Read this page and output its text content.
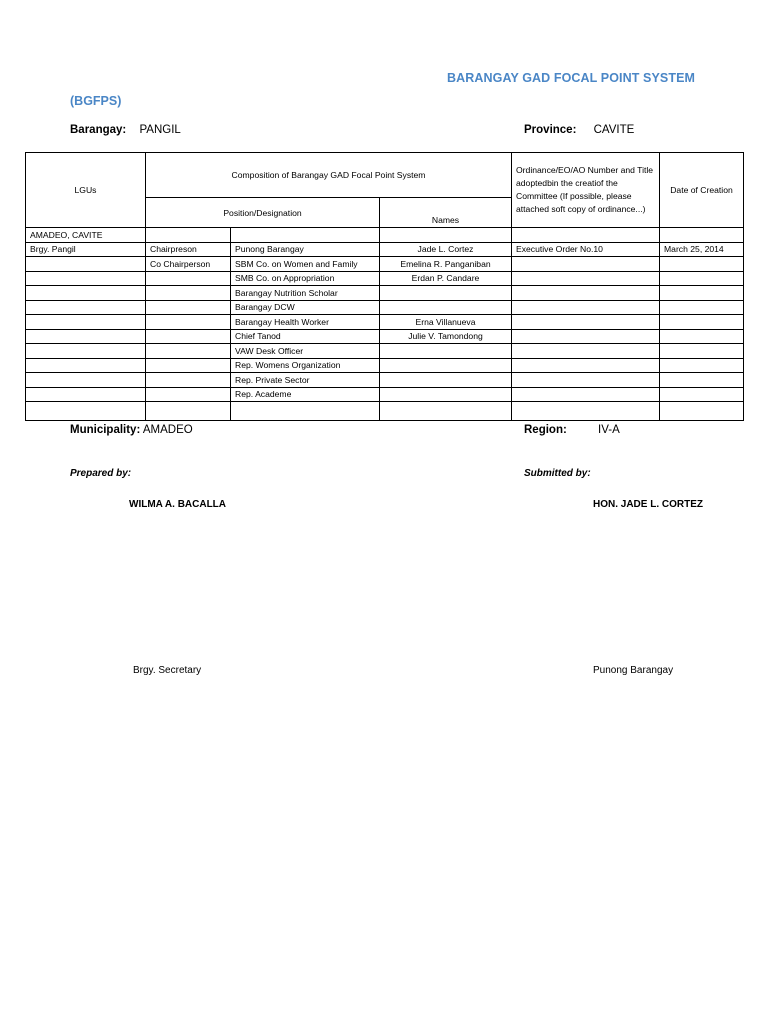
BARANGAY GAD FOCAL POINT SYSTEM
(BGFPS)
Barangay: PANGIL	Province: CAVITE
LGUs	Composition of Barangay GAD Focal Point System			Ordinance/EO/AO Number and Title adoptedbin the creatiof the Committee (If possible, please attached soft copy of ordinance...)	Date of Creation
	Position/Designation		Names		
AMADEO, CAVITE					
Brgy. Pangil	Chairpreson	Punong Barangay	Jade L. Cortez	Executive Order No.10	March 25, 2014
	Co Chairperson	SBM Co. on Women and Family	Emelina R. Panganiban		
		SMB Co. on Appropriation	Erdan P. Candare		
		Barangay Nutrition Scholar			
		Barangay DCW			
		Barangay Health Worker	Erna Villanueva		
		Chief Tanod	Julie V. Tamondong		
		VAW Desk Officer			
		Rep. Womens Organization			
		Rep. Private Sector			
		Rep. Academe			

Municipality: AMADEO	Region:	IV-A
Prepared by:	Submitted by:
WILMA A. BACALLA	HON. JADE L. CORTEZ
Brgy. Secretary	Punong Barangay
